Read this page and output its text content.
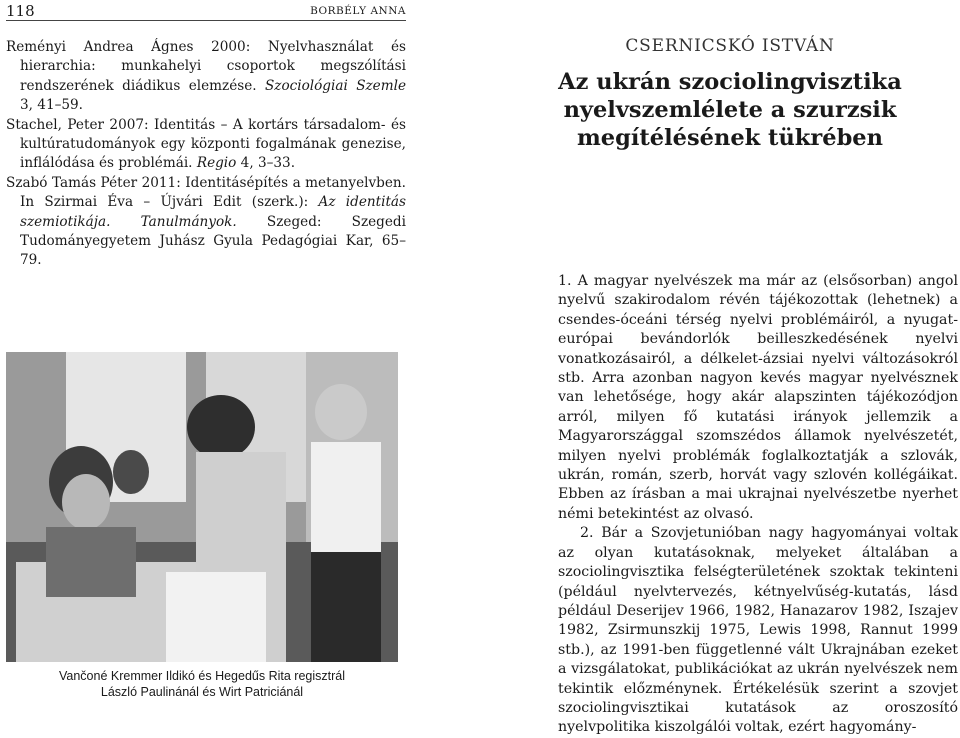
118	BORBÉLY ANNA

Reményi Andrea Ágnes 2000: Nyelvhasználat és hierarchia: munkahelyi csoportok megszólítási rendszerének diádikus elemzése. Szociológiai Szemle 3, 41–59.

Stachel, Peter 2007: Identitás – A kortárs társadalom- és kultúratudományok egy központi fogalmának genezise, inflálódása és problémái. Regio 4, 3–33.

Szabó Tamás Péter 2011: Identitásépítés a metanyelvben. In Szirmai Éva – Újvári Edit (szerk.): Az identitás szemiotikája. Tanulmányok. Szeged: Szegedi Tudományegyetem Juhász Gyula Pedagógiai Kar, 65–79.

Vančoné Kremmer Ildikó és Hegedűs Rita regisztrál
László Paulinánál és Wirt Patriciánál
CSERNICSKÓ ISTVÁN
Az ukrán szociolingvisztika
nyelvszemlélete a szurzsik
megítélésének tükrében

1. A magyar nyelvészek ma már az (elsősorban) angol nyelvű szakirodalom révén tájékozottak (lehetnek) a csendes-óceáni térség nyelvi problémáiról, a nyugat-európai bevándorlók beilleszkedésének nyelvi vonatkozásairól, a délkelet-ázsiai nyelvi változásokról stb. Arra azonban nagyon kevés magyar nyelvésznek van lehetősége, hogy akár alapszinten tájékozódjon arról, milyen fő kutatási irányok jellemzik a Magyarországgal szomszédos államok nyelvészetét, milyen nyelvi problémák foglalkoztatják a szlovák, ukrán, román, szerb, horvát vagy szlovén kollégáikat. Ebben az írásban a mai ukrajnai nyelvészetbe nyerhet némi betekintést az olvasó.

2. Bár a Szovjetunióban nagy hagyományai voltak az olyan kutatásoknak, melyeket általában a szociolingvisztika felségterületének szoktak tekinteni (például nyelvtervezés, kétnyelvűség-kutatás, lásd például Deserijev 1966, 1982, Hanazarov 1982, Iszajev 1982, Zsirmunszkij 1975, Lewis 1998, Rannut 1999 stb.), az 1991-ben függetlenné vált Ukrajnában ezeket a vizsgálatokat, publikációkat az ukrán nyelvészek nem tekintik előzménynek. Értékelésük szerint a szovjet szociolingvisztikai kutatások az oroszosító nyelvpolitika kiszolgálói voltak, ezért hagyomány-
